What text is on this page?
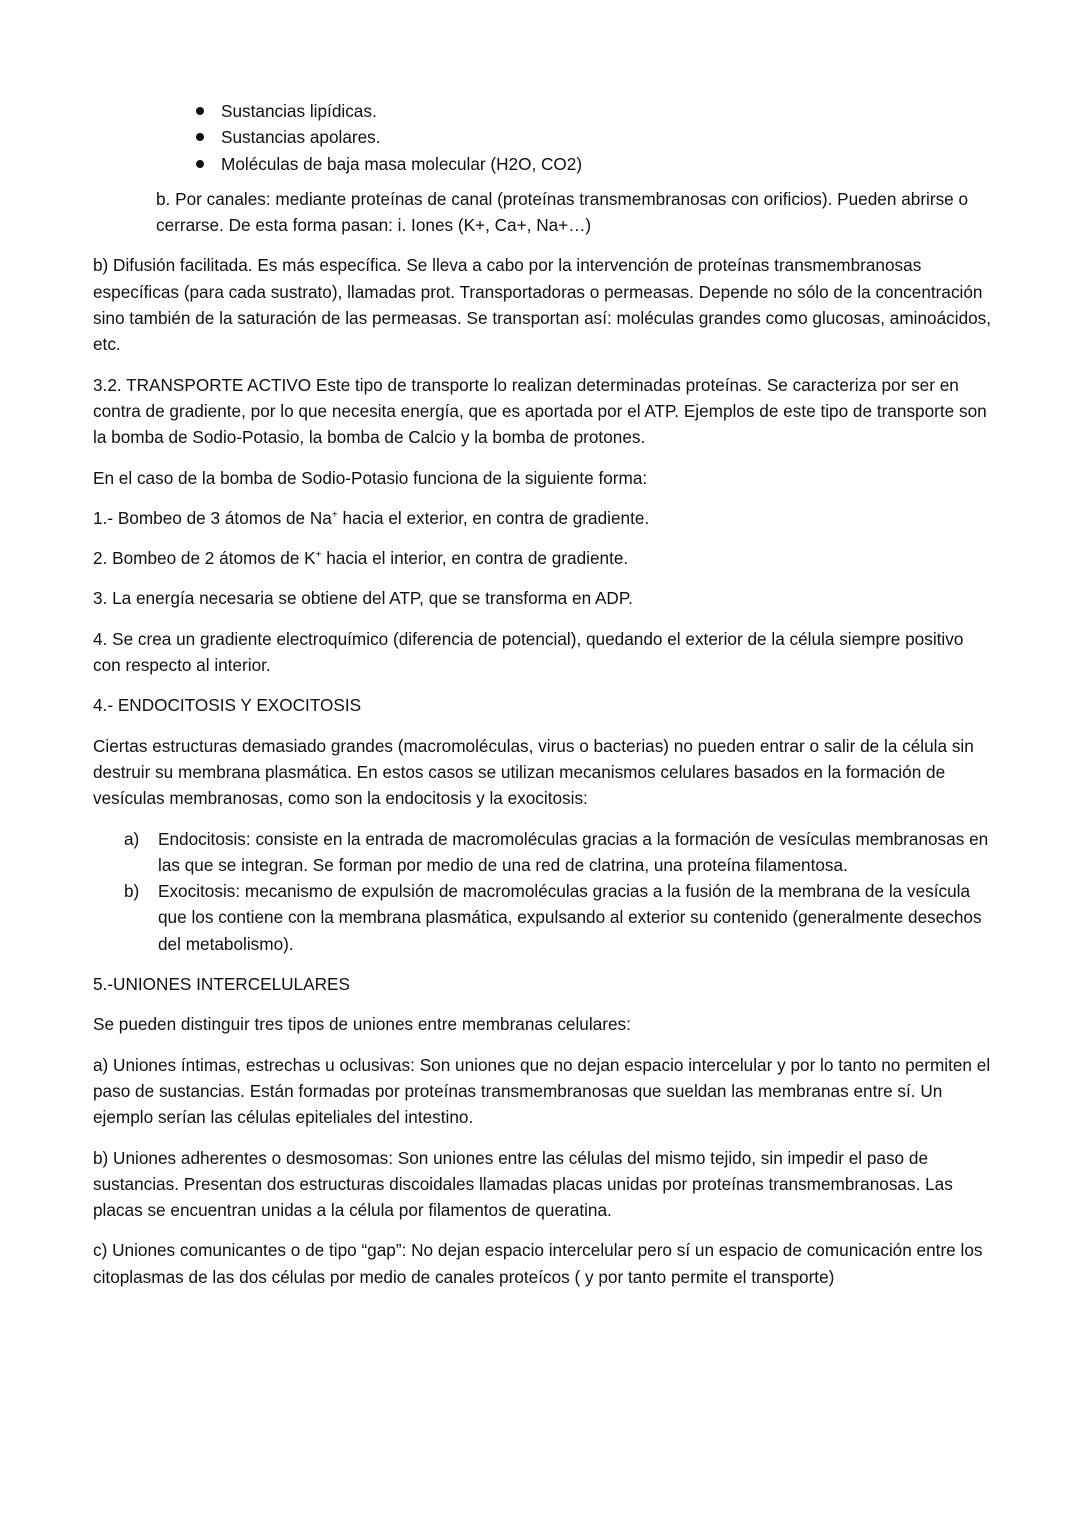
Sustancias lipídicas.
Sustancias apolares.
Moléculas de baja masa molecular (H2O, CO2)

b. Por canales: mediante proteínas de canal (proteínas transmembranosas con orificios). Pueden abrirse o cerrarse. De esta forma pasan: i. Iones (K+, Ca+, Na+…)

b) Difusión facilitada. Es más específica. Se lleva a cabo por la intervención de proteínas transmembranosas específicas (para cada sustrato), llamadas prot. Transportadoras o permeasas. Depende no sólo de la concentración sino también de la saturación de las permeasas. Se transportan así: moléculas grandes como glucosas, aminoácidos, etc.

3.2. TRANSPORTE ACTIVO Este tipo de transporte lo realizan determinadas proteínas. Se caracteriza por ser en contra de gradiente, por lo que necesita energía, que es aportada por el ATP. Ejemplos de este tipo de transporte son la bomba de Sodio-Potasio, la bomba de Calcio y la bomba de protones.

En el caso de la bomba de Sodio-Potasio funciona de la siguiente forma:

1.- Bombeo de 3 átomos de Na+ hacia el exterior, en contra de gradiente.

2. Bombeo de 2 átomos de K+ hacia el interior, en contra de gradiente.

3. La energía necesaria se obtiene del ATP, que se transforma en ADP.

4. Se crea un gradiente electroquímico (diferencia de potencial), quedando el exterior de la célula siempre positivo con respecto al interior.

4.- ENDOCITOSIS Y EXOCITOSIS

Ciertas estructuras demasiado grandes (macromoléculas, virus o bacterias) no pueden entrar o salir de la célula sin destruir su membrana plasmática. En estos casos se utilizan mecanismos celulares basados en la formación de vesículas membranosas, como son la endocitosis y la exocitosis:

a) Endocitosis: consiste en la entrada de macromoléculas gracias a la formación de vesículas membranosas en las que se integran. Se forman por medio de una red de clatrina, una proteína filamentosa.
b) Exocitosis: mecanismo de expulsión de macromoléculas gracias a la fusión de la membrana de la vesícula que los contiene con la membrana plasmática, expulsando al exterior su contenido (generalmente desechos del metabolismo).

5.-UNIONES INTERCELULARES

Se pueden distinguir tres tipos de uniones entre membranas celulares:

a) Uniones íntimas, estrechas u oclusivas: Son uniones que no dejan espacio intercelular y por lo tanto no permiten el paso de sustancias. Están formadas por proteínas transmembranosas que sueldan las membranas entre sí. Un ejemplo serían las células epiteliales del intestino.

b) Uniones adherentes o desmosomas: Son uniones entre las células del mismo tejido, sin impedir el paso de sustancias. Presentan dos estructuras discoidales llamadas placas unidas por proteínas transmembranosas. Las placas se encuentran unidas a la célula por filamentos de queratina.

c) Uniones comunicantes o de tipo “gap”: No dejan espacio intercelular pero sí un espacio de comunicación entre los citoplasmas de las dos células por medio de canales proteícos ( y por tanto permite el transporte)
